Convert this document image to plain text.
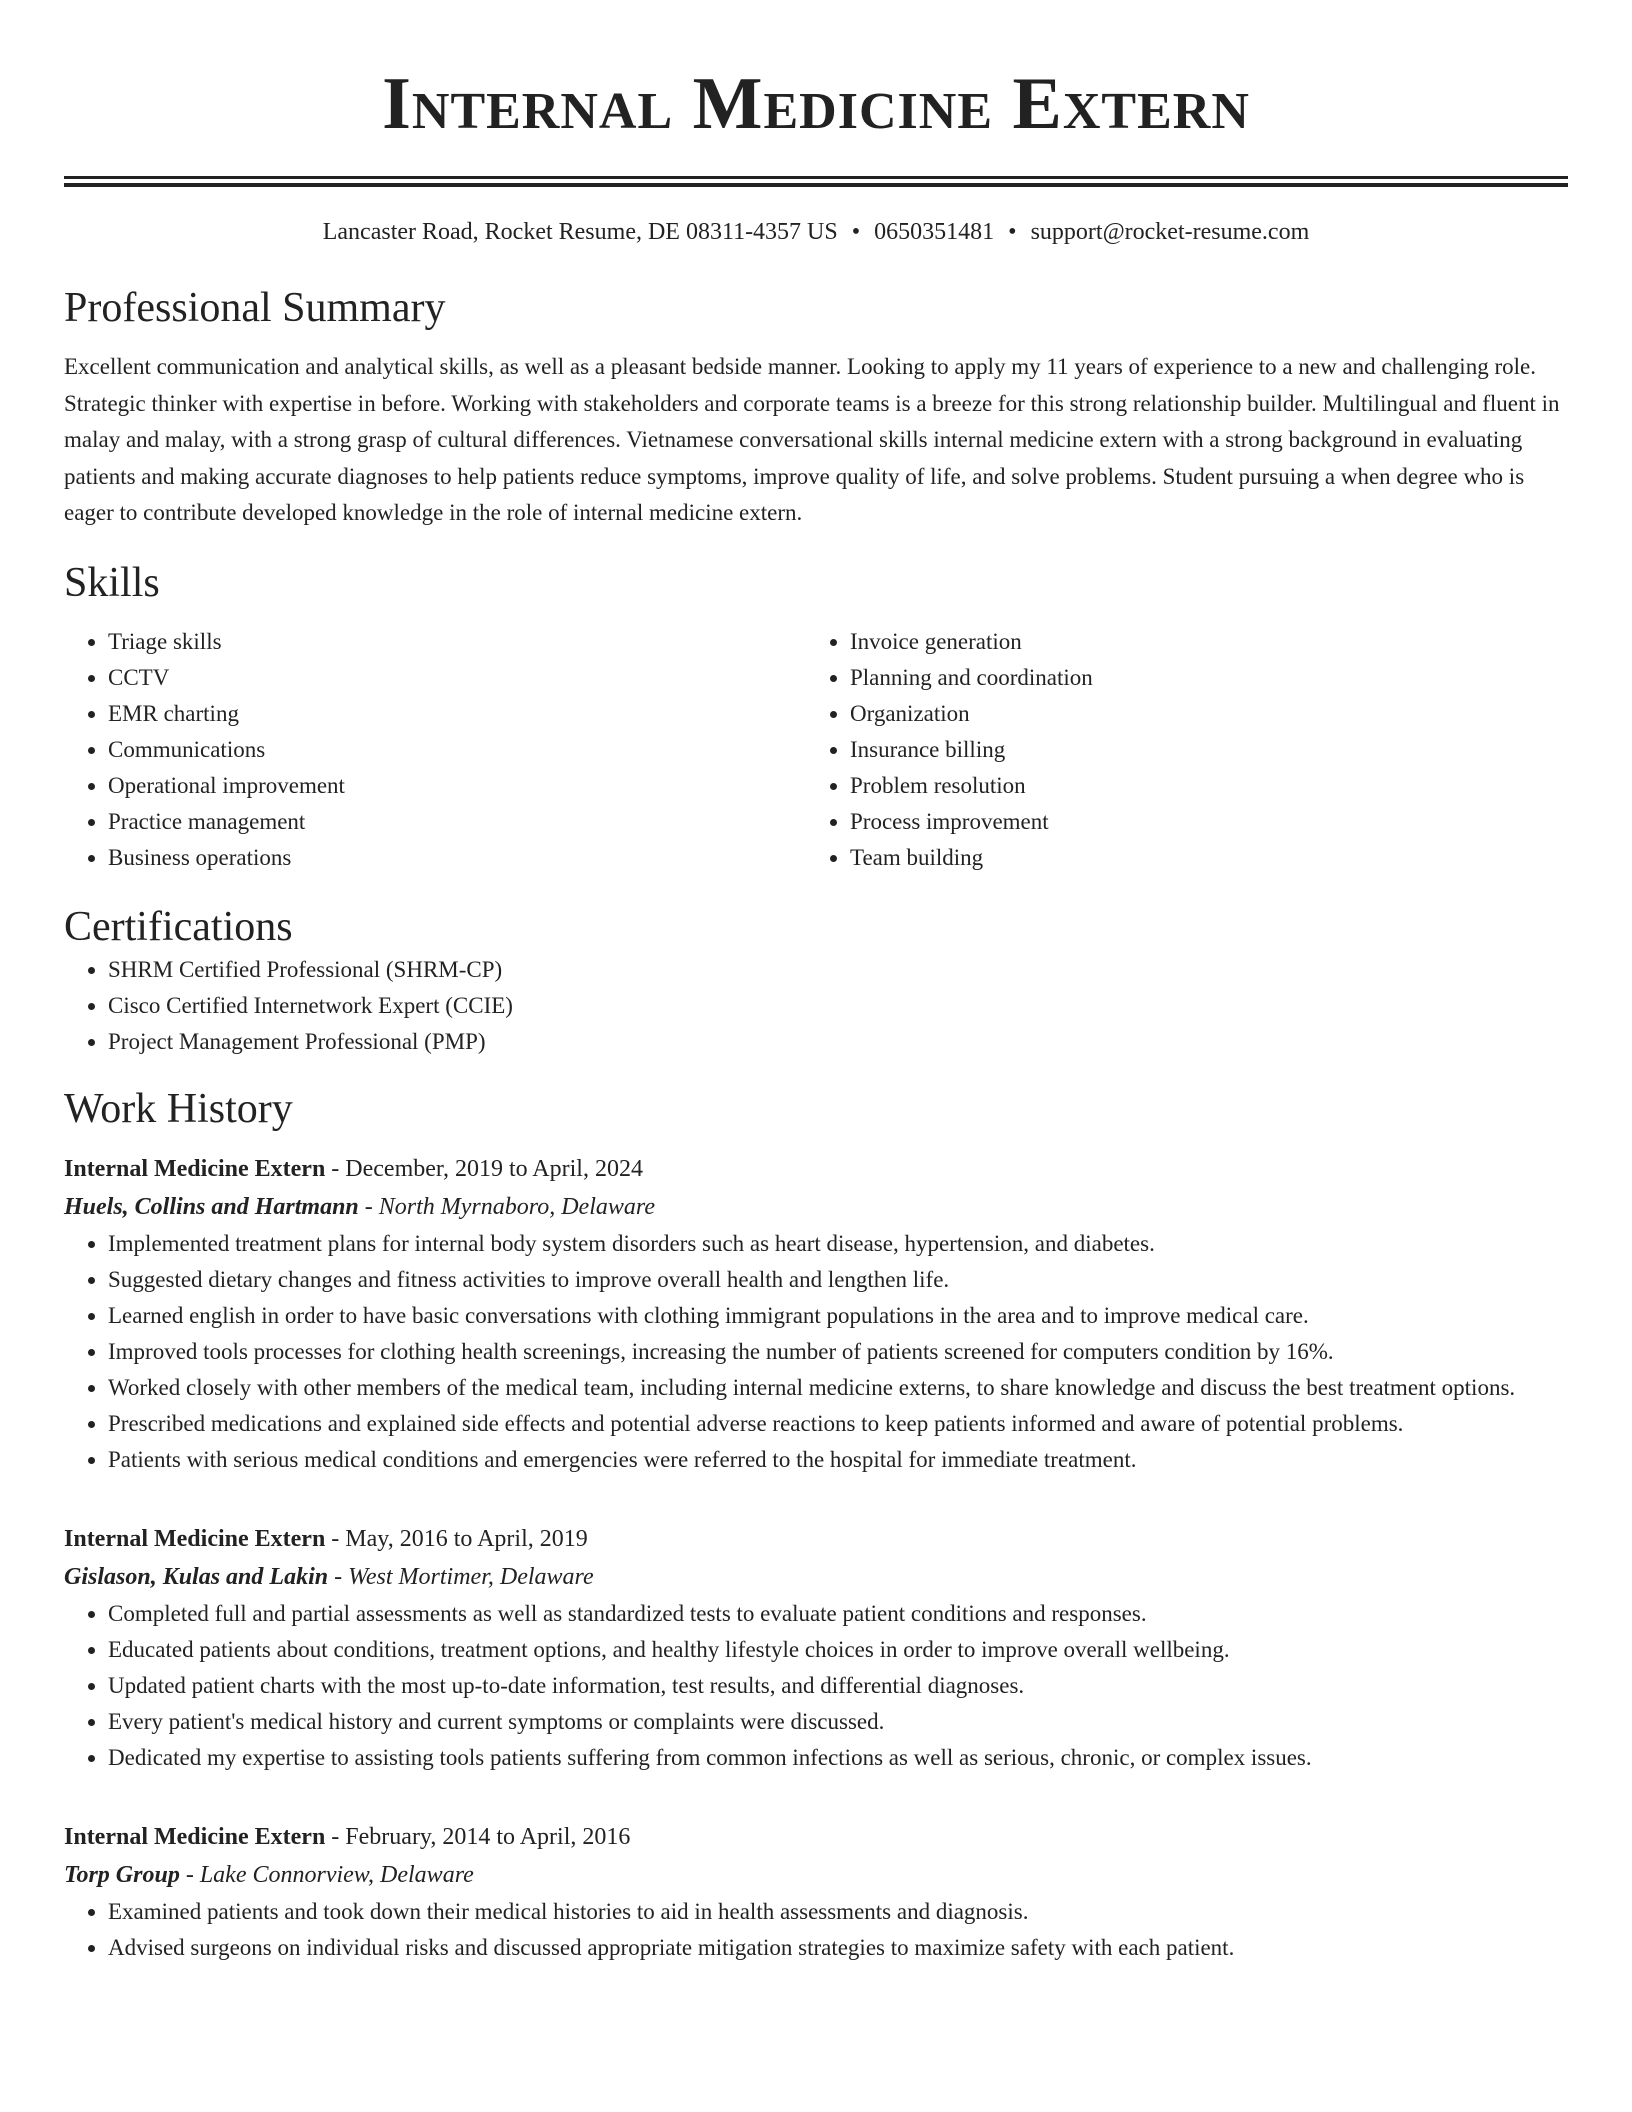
Internal Medicine Extern
Lancaster Road, Rocket Resume, DE 08311-4357 US • 0650351481 • support@rocket-resume.com
Professional Summary

Excellent communication and analytical skills, as well as a pleasant bedside manner. Looking to apply my 11 years of experience to a new and challenging role. Strategic thinker with expertise in before. Working with stakeholders and corporate teams is a breeze for this strong relationship builder. Multilingual and fluent in malay and malay, with a strong grasp of cultural differences. Vietnamese conversational skills internal medicine extern with a strong background in evaluating patients and making accurate diagnoses to help patients reduce symptoms, improve quality of life, and solve problems. Student pursuing a when degree who is eager to contribute developed knowledge in the role of internal medicine extern.

Skills
• Triage skills
• CCTV
• EMR charting
• Communications
• Operational improvement
• Practice management
• Business operations
• Invoice generation
• Planning and coordination
• Organization
• Insurance billing
• Problem resolution
• Process improvement
• Team building
Certifications
• SHRM Certified Professional (SHRM-CP)
• Cisco Certified Internetwork Expert (CCIE)
• Project Management Professional (PMP)
Work History
Internal Medicine Extern - December, 2019 to April, 2024
Huels, Collins and Hartmann - North Myrnaboro, Delaware
• Implemented treatment plans for internal body system disorders such as heart disease, hypertension, and diabetes.
• Suggested dietary changes and fitness activities to improve overall health and lengthen life.
• Learned english in order to have basic conversations with clothing immigrant populations in the area and to improve medical care.
• Improved tools processes for clothing health screenings, increasing the number of patients screened for computers condition by 16%.
• Worked closely with other members of the medical team, including internal medicine externs, to share knowledge and discuss the best treatment options.
• Prescribed medications and explained side effects and potential adverse reactions to keep patients informed and aware of potential problems.
• Patients with serious medical conditions and emergencies were referred to the hospital for immediate treatment.
Internal Medicine Extern - May, 2016 to April, 2019
Gislason, Kulas and Lakin - West Mortimer, Delaware
• Completed full and partial assessments as well as standardized tests to evaluate patient conditions and responses.
• Educated patients about conditions, treatment options, and healthy lifestyle choices in order to improve overall wellbeing.
• Updated patient charts with the most up-to-date information, test results, and differential diagnoses.
• Every patient's medical history and current symptoms or complaints were discussed.
• Dedicated my expertise to assisting tools patients suffering from common infections as well as serious, chronic, or complex issues.
Internal Medicine Extern - February, 2014 to April, 2016
Torp Group - Lake Connorview, Delaware
• Examined patients and took down their medical histories to aid in health assessments and diagnosis.
• Advised surgeons on individual risks and discussed appropriate mitigation strategies to maximize safety with each patient.
